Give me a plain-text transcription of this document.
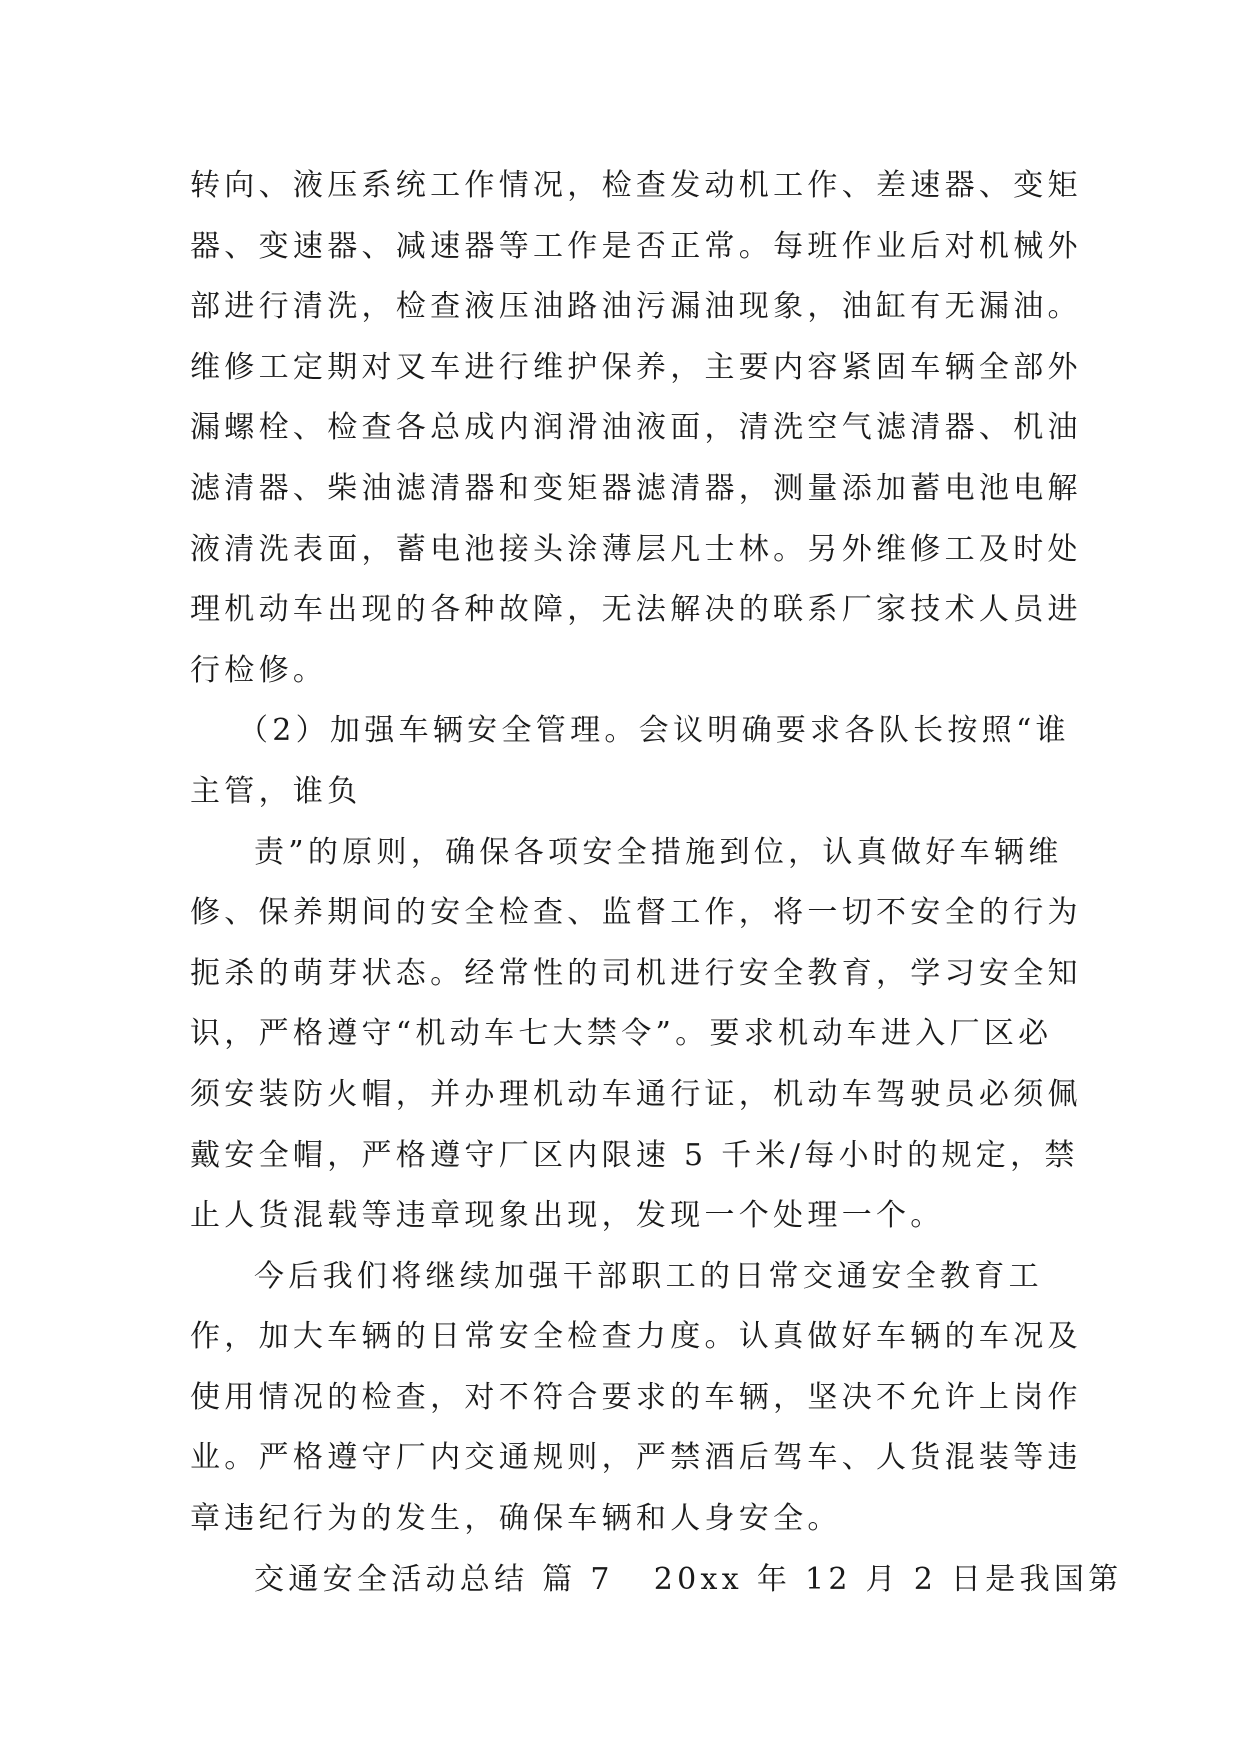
转向、液压系统工作情况，检查发动机工作、差速器、变矩
器、变速器、减速器等工作是否正常。每班作业后对机械外
部进行清洗，检查液压油路油污漏油现象，油缸有无漏油。
维修工定期对叉车进行维护保养，主要内容紧固车辆全部外
漏螺栓、检查各总成内润滑油液面，清洗空气滤清器、机油
滤清器、柴油滤清器和变矩器滤清器，测量添加蓄电池电解
液清洗表面，蓄电池接头涂薄层凡士林。另外维修工及时处
理机动车出现的各种故障，无法解决的联系厂家技术人员进
行检修。
（2）加强车辆安全管理。会议明确要求各队长按照“谁
主管，谁负
责”的原则，确保各项安全措施到位，认真做好车辆维
修、保养期间的安全检查、监督工作，将一切不安全的行为
扼杀的萌芽状态。经常性的司机进行安全教育，学习安全知
识，严格遵守“机动车七大禁令”。要求机动车进入厂区必
须安装防火帽，并办理机动车通行证，机动车驾驶员必须佩
戴安全帽，严格遵守厂区内限速 5 千米/每小时的规定，禁
止人货混载等违章现象出现，发现一个处理一个。
今后我们将继续加强干部职工的日常交通安全教育工
作，加大车辆的日常安全检查力度。认真做好车辆的车况及
使用情况的检查，对不符合要求的车辆，坚决不允许上岗作
业。严格遵守厂内交通规则，严禁酒后驾车、人货混装等违
章违纪行为的发生，确保车辆和人身安全。
交通安全活动总结 篇 7 20xx 年 12 月 2 日是我国第
